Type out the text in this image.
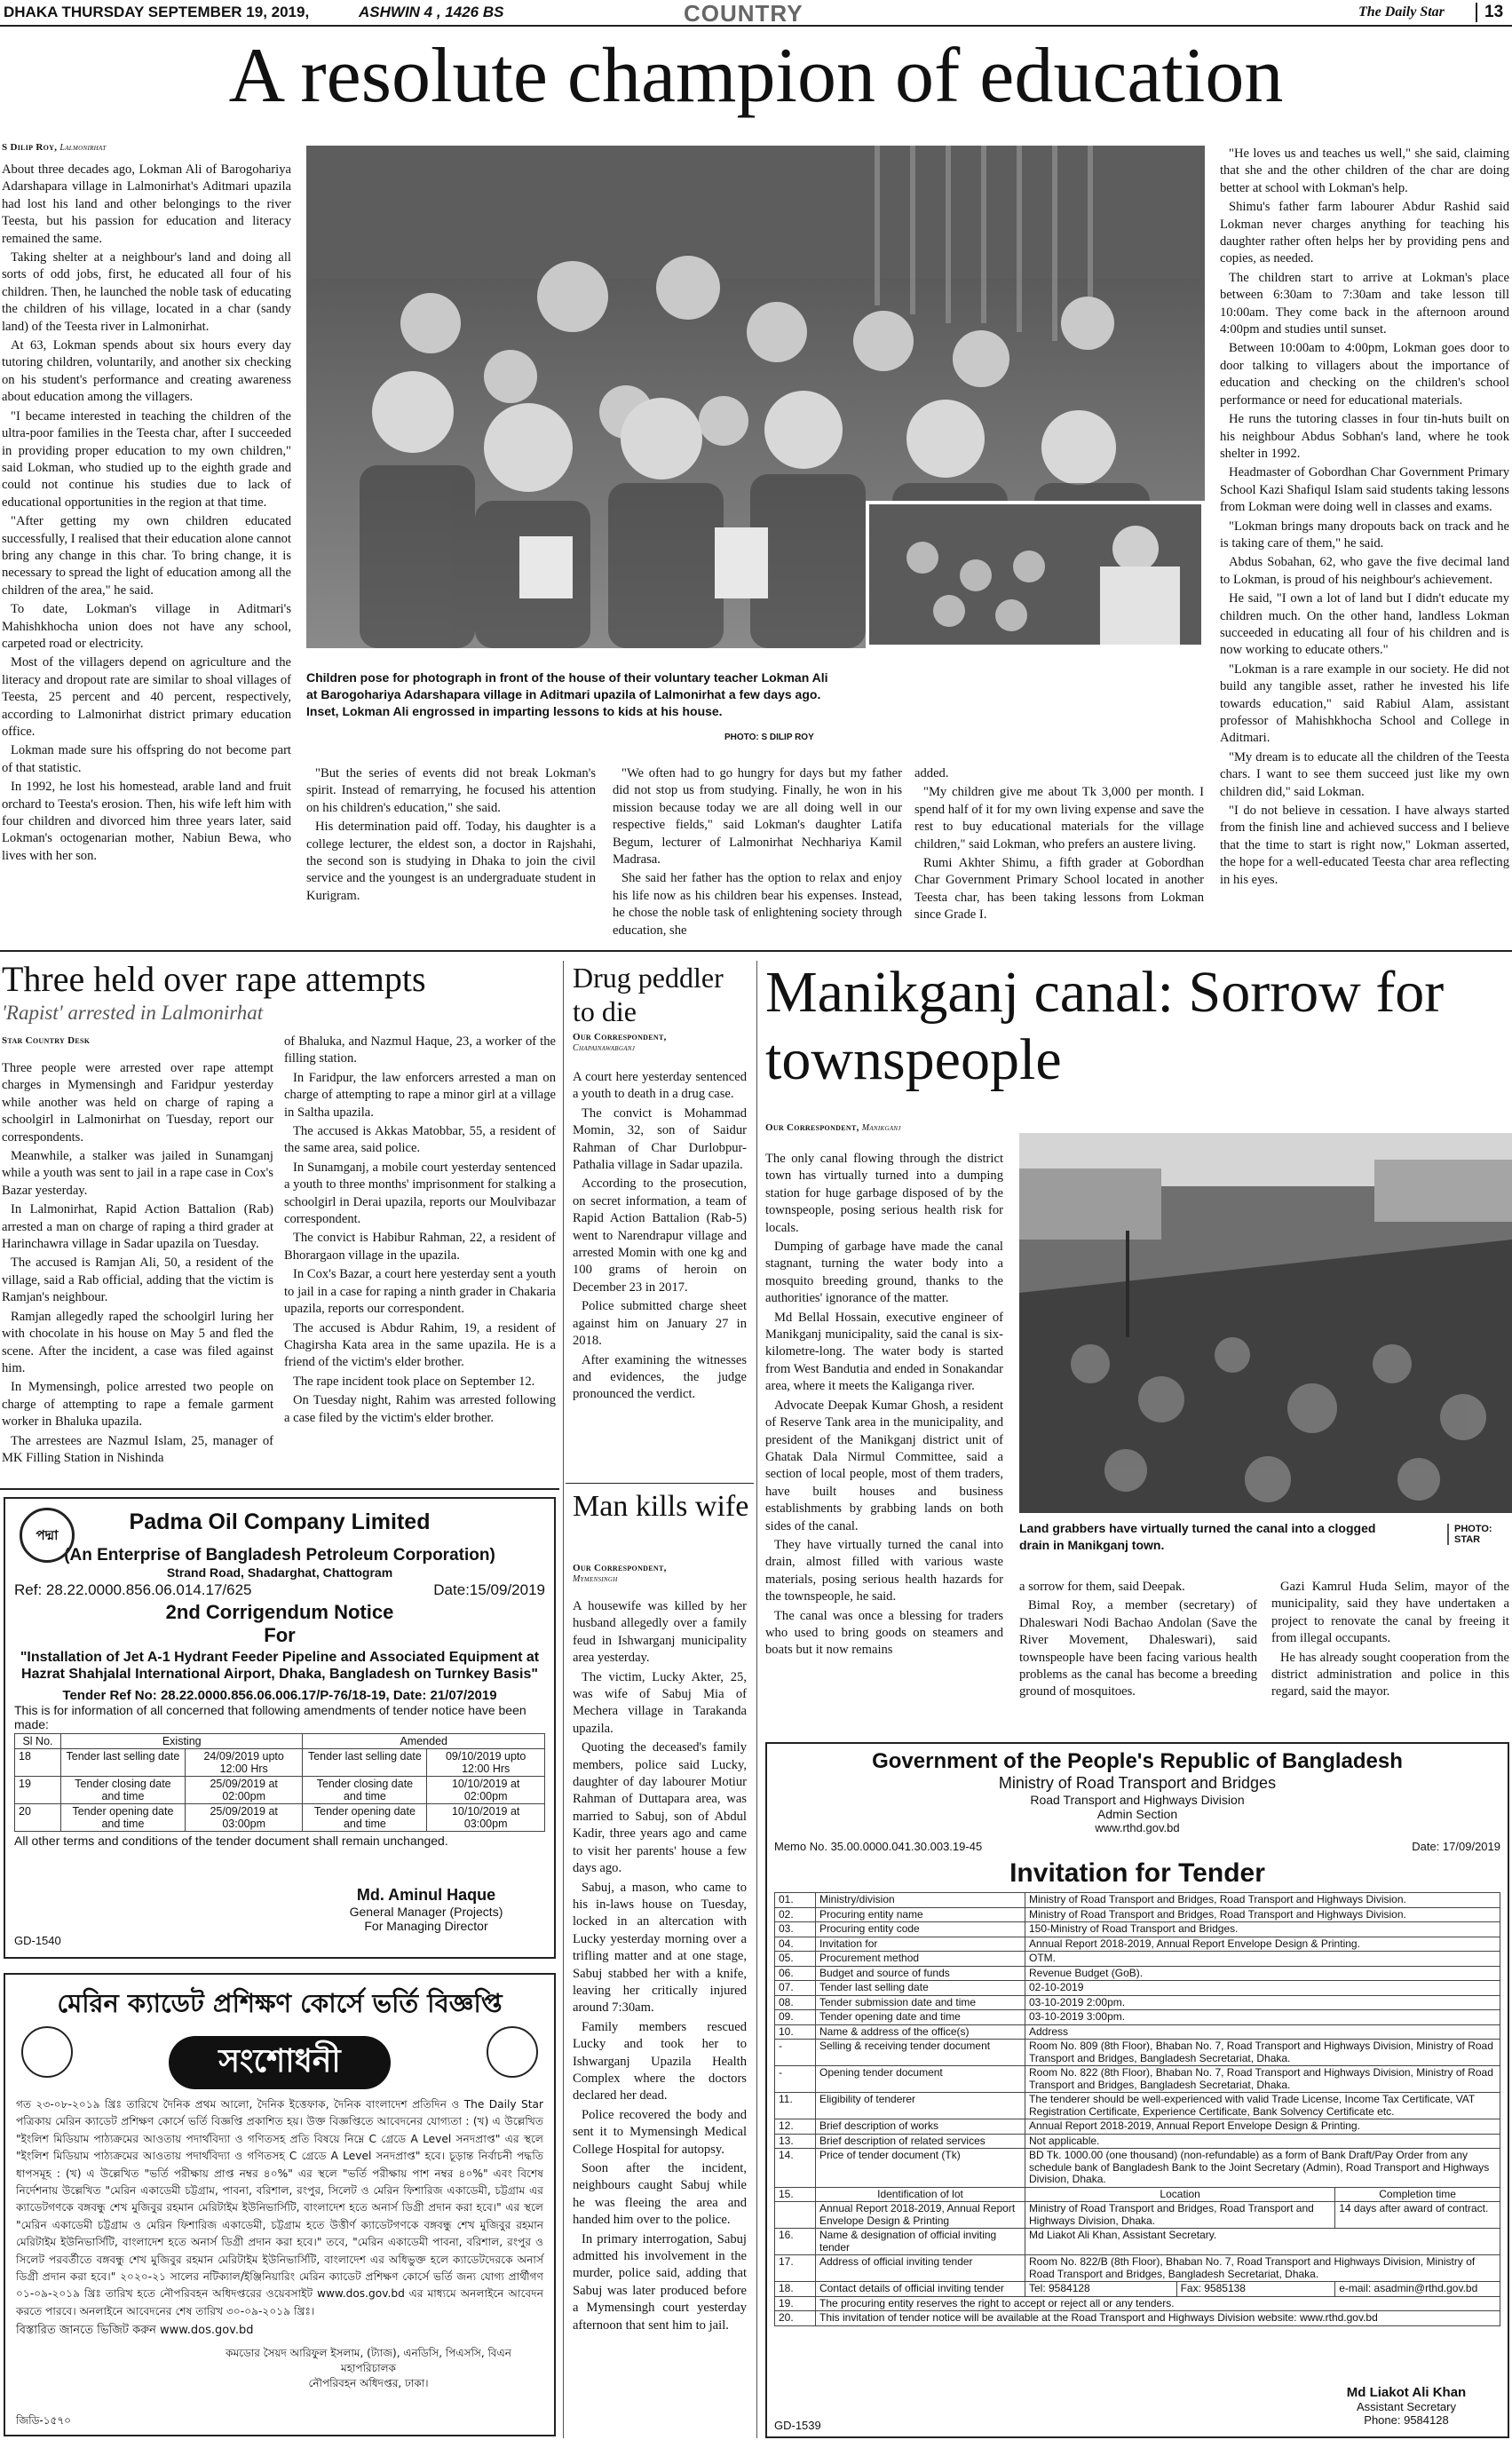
DHAKA THURSDAY SEPTEMBER 19, 2019,	ASHWIN 4 , 1426 BS	COUNTRY	The Daily Star	13
A resolute champion of education
S Dilip Roy, Lalmonirhat

About three decades ago, Lokman Ali of Barogohariya Adarshapara village in Lalmonirhat's Aditmari upazila had lost his land and other belongings to the river Teesta, but his passion for education and literacy remained the same.

Taking shelter at a neighbour's land and doing all sorts of odd jobs, first, he educated all four of his children. Then, he launched the noble task of educating the children of his village, located in a char (sandy land) of the Teesta river in Lalmonirhat.

At 63, Lokman spends about six hours every day tutoring children, voluntarily, and another six checking on his student's performance and creating awareness about education among the villagers.

"I became interested in teaching the children of the ultra-poor families in the Teesta char, after I succeeded in providing proper education to my own children," said Lokman, who studied up to the eighth grade and could not continue his studies due to lack of educational opportunities in the region at that time.

"After getting my own children educated successfully, I realised that their education alone cannot bring any change in this char. To bring change, it is necessary to spread the light of education among all the children of the area," he said.

To date, Lokman's village in Aditmari's Mahishkhocha union does not have any school, carpeted road or electricity.

Most of the villagers depend on agriculture and the literacy and dropout rate are similar to shoal villages of Teesta, 25 percent and 40 percent, respectively, according to Lalmonirhat district primary education office.

Lokman made sure his offspring do not become part of that statistic.

In 1992, he lost his homestead, arable land and fruit orchard to Teesta's erosion. Then, his wife left him with four children and divorced him three years later, said Lokman's octogenarian mother, Nabiun Bewa, who lives with her son.

Children pose for photograph in front of the house of their voluntary teacher Lokman Ali at Barogohariya Adarshapara village in Aditmari upazila of Lalmonirhat a few days ago. Inset, Lokman Ali engrossed in imparting lessons to kids at his house.
PHOTO: S DILIP ROY

"But the series of events did not break Lokman's spirit. Instead of remarrying, he focused his attention on his children's education," she said.

His determination paid off. Today, his daughter is a college lecturer, the eldest son, a doctor in Rajshahi, the second son is studying in Dhaka to join the civil service and the youngest is an undergraduate student in Kurigram.

"We often had to go hungry for days but my father did not stop us from studying. Finally, he won in his mission because today we are all doing well in our respective fields," said Lokman's daughter Latifa Begum, lecturer of Lalmonirhat Nechhariya Kamil Madrasa.

She said her father has the option to relax and enjoy his life now as his children bear his expenses. Instead, he chose the noble task of enlightening society through education, she

added.

"My children give me about Tk 3,000 per month. I spend half of it for my own living expense and save the rest to buy educational materials for the village children," said Lokman, who prefers an austere living.

Rumi Akhter Shimu, a fifth grader at Gobordhan Char Government Primary School located in another Teesta char, has been taking lessons from Lokman since Grade I.

"He loves us and teaches us well," she said, claiming that she and the other children of the char are doing better at school with Lokman's help.

Shimu's father farm labourer Abdur Rashid said Lokman never charges anything for teaching his daughter rather often helps her by providing pens and copies, as needed.

The children start to arrive at Lokman's place between 6:30am to 7:30am and take lesson till 10:00am. They come back in the afternoon around 4:00pm and studies until sunset.

Between 10:00am to 4:00pm, Lokman goes door to door talking to villagers about the importance of education and checking on the children's school performance or need for educational materials.

He runs the tutoring classes in four tin-huts built on his neighbour Abdus Sobhan's land, where he took shelter in 1992.

Headmaster of Gobordhan Char Government Primary School Kazi Shafiqul Islam said students taking lessons from Lokman were doing well in classes and exams.

"Lokman brings many dropouts back on track and he is taking care of them," he said.

Abdus Sobahan, 62, who gave the five decimal land to Lokman, is proud of his neighbour's achievement.

He said, "I own a lot of land but I didn't educate my children much. On the other hand, landless Lokman succeeded in educating all four of his children and is now working to educate others."

"Lokman is a rare example in our society. He did not build any tangible asset, rather he invested his life towards education," said Rabiul Alam, assistant professor of Mahishkhocha School and College in Aditmari.

"My dream is to educate all the children of the Teesta chars. I want to see them succeed just like my own children did," said Lokman.

"I do not believe in cessation. I have always started from the finish line and achieved success and I believe that the time to start is right now," Lokman asserted, the hope for a well-educated Teesta char area reflecting in his eyes.

Three held over rape attempts
'Rapist' arrested in Lalmonirhat
Star Country Desk

Three people were arrested over rape attempt charges in Mymensingh and Faridpur yesterday while another was held on charge of raping a schoolgirl in Lalmonirhat on Tuesday, report our correspondents.

Meanwhile, a stalker was jailed in Sunamganj while a youth was sent to jail in a rape case in Cox's Bazar yesterday.

In Lalmonirhat, Rapid Action Battalion (Rab) arrested a man on charge of raping a third grader at Harinchawra village in Sadar upazila on Tuesday.

The accused is Ramjan Ali, 50, a resident of the village, said a Rab official, adding that the victim is Ramjan's neighbour.

Ramjan allegedly raped the schoolgirl luring her with chocolate in his house on May 5 and fled the scene. After the incident, a case was filed against him.

In Mymensingh, police arrested two people on charge of attempting to rape a female garment worker in Bhaluka upazila.

The arrestees are Nazmul Islam, 25, manager of MK Filling Station in Nishinda

of Bhaluka, and Nazmul Haque, 23, a worker of the filling station.

In Faridpur, the law enforcers arrested a man on charge of attempting to rape a minor girl at a village in Saltha upazila.

The accused is Akkas Matobbar, 55, a resident of the same area, said police.

In Sunamganj, a mobile court yesterday sentenced a youth to three months' imprisonment for stalking a schoolgirl in Derai upazila, reports our Moulvibazar correspondent.

The convict is Habibur Rahman, 22, a resident of Bhorargaon village in the upazila.

In Cox's Bazar, a court here yesterday sent a youth to jail in a case for raping a ninth grader in Chakaria upazila, reports our correspondent.

The accused is Abdur Rahim, 19, a resident of Chagirsha Kata area in the same upazila. He is a friend of the victim's elder brother.

The rape incident took place on September 12.

On Tuesday night, Rahim was arrested following a case filed by the victim's elder brother.

Drug peddler to die
Our Correspondent,
Chapainawabganj

A court here yesterday sentenced a youth to death in a drug case.

The convict is Mohammad Momin, 32, son of Saidur Rahman of Char Durlobpur-Pathalia village in Sadar upazila.

According to the prosecution, on secret information, a team of Rapid Action Battalion (Rab-5) went to Narendrapur village and arrested Momin with one kg and 100 grams of heroin on December 23 in 2017.

Police submitted charge sheet against him on January 27 in 2018.

After examining the witnesses and evidences, the judge pronounced the verdict.

Man kills wife
Our Correspondent,
Mymensingh

A housewife was killed by her husband allegedly over a family feud in Ishwarganj municipality area yesterday.

The victim, Lucky Akter, 25, was wife of Sabuj Mia of Mechera village in Tarakanda upazila.

Quoting the deceased's family members, police said Lucky, daughter of day labourer Motiur Rahman of Duttapara area, was married to Sabuj, son of Abdul Kadir, three years ago and came to visit her parents' house a few days ago.

Sabuj, a mason, who came to his in-laws house on Tuesday, locked in an altercation with Lucky yesterday morning over a trifling matter and at one stage, Sabuj stabbed her with a knife, leaving her critically injured around 7:30am.

Family members rescued Lucky and took her to Ishwarganj Upazila Health Complex where the doctors declared her dead.

Police recovered the body and sent it to Mymensingh Medical College Hospital for autopsy.

Soon after the incident, neighbours caught Sabuj while he was fleeing the area and handed him over to the police.

In primary interrogation, Sabuj admitted his involvement in the murder, police said, adding that Sabuj was later produced before a Mymensingh court yesterday afternoon that sent him to jail.

Manikganj canal: Sorrow for townspeople
Our Correspondent, Manikganj

The only canal flowing through the district town has virtually turned into a dumping station for huge garbage disposed of by the townspeople, posing serious health risk for locals.

Dumping of garbage have made the canal stagnant, turning the water body into a mosquito breeding ground, thanks to the authorities' ignorance of the matter.

Md Bellal Hossain, executive engineer of Manikganj municipality, said the canal is six-kilometre-long. The water body is started from West Bandutia and ended in Sonakandar area, where it meets the Kaliganga river.

Advocate Deepak Kumar Ghosh, a resident of Reserve Tank area in the municipality, and president of the Manikganj district unit of Ghatak Dala Nirmul Committee, said a section of local people, most of them traders, have built houses and business establishments by grabbing lands on both sides of the canal.

They have virtually turned the canal into drain, almost filled with various waste materials, posing serious health hazards for the townspeople, he said.

The canal was once a blessing for traders who used to bring goods on steamers and boats but it now remains

Land grabbers have virtually turned the canal into a clogged drain in Manikganj town.
PHOTO: STAR

a sorrow for them, said Deepak.

Bimal Roy, a member (secretary) of Dhaleswari Nodi Bachao Andolan (Save the River Movement, Dhaleswari), said townspeople have been facing various health problems as the canal has become a breeding ground of mosquitoes.

Gazi Kamrul Huda Selim, mayor of the municipality, said they have undertaken a project to renovate the canal by freeing it from illegal occupants.

He has already sought cooperation from the district administration and police in this regard, said the mayor.

পদ্মা
Padma Oil Company Limited
(An Enterprise of Bangladesh Petroleum Corporation)
Strand Road, Shadarghat, Chattogram
Ref: 28.22.0000.856.06.014.17/625	Date:15/09/2019
2nd Corrigendum Notice
For
"Installation of Jet A-1 Hydrant Feeder Pipeline and Associated Equipment at Hazrat Shahjalal International Airport, Dhaka, Bangladesh on Turnkey Basis"
Tender Ref No: 28.22.0000.856.06.006.17/P-76/18-19, Date: 21/07/2019
This is for information of all concerned that following amendments of tender notice have been made:
Sl No.	Existing		Amended	
18	Tender last selling date	24/09/2019 upto 12:00 Hrs	Tender last selling date	09/10/2019 upto 12:00 Hrs
19	Tender closing date and time	25/09/2019 at 02:00pm	Tender closing date and time	10/10/2019 at 02:00pm
20	Tender opening date and time	25/09/2019 at 03:00pm	Tender opening date and time	10/10/2019 at 03:00pm
All other terms and conditions of the tender document shall remain unchanged.
Md. Aminul Haque
General Manager (Projects)
For Managing Director
GD-1540
মেরিন ক্যাডেট প্রশিক্ষণ কোর্সে ভর্তি বিজ্ঞপ্তি
সংশোধনী
গত ২৩-০৮-২০১৯ খ্রিঃ তারিখে দৈনিক প্রথম আলো, দৈনিক ইত্তেফাক, দৈনিক বাংলাদেশ প্রতিদিন ও The Daily Star পত্রিকায় মেরিন ক্যাডেট প্রশিক্ষণ কোর্সে ভর্তি বিজ্ঞপ্তি প্রকাশিত হয়। উক্ত বিজ্ঞপ্তিতে আবেদনের যোগ্যতা : (খ) এ উল্লেখিত "ইংলিশ মিডিয়াম পাঠ্যক্রমের আওতায় পদার্থবিদ্যা ও গণিতসহ প্রতি বিষয়ে নিম্নে C গ্রেডে A Level সনদপ্রাপ্ত" এর স্থলে "ইংলিশ মিডিয়াম পাঠ্যক্রমের আওতায় পদার্থবিদ্যা ও গণিতসহ C গ্রেডে A Level সনদপ্রাপ্ত" হবে। চূড়ান্ত নির্বাচনী পদ্ধতি ধাপসমূহ : (খ) এ উল্লেখিত "ভর্তি পরীক্ষায় প্রাপ্ত নম্বর ৪০%" এর স্থলে "ভর্তি পরীক্ষায় পাশ নম্বর ৪০%" এবং বিশেষ নির্দেশনায় উল্লেখিত "মেরিন একাডেমী চট্টগ্রাম, পাবনা, বরিশাল, রংপুর, সিলেট ও মেরিন ফিশারিজ একাডেমী, চট্টগ্রাম এর ক্যাডেটগণকে বঙ্গবন্ধু শেখ মুজিবুর রহমান মেরিটাইম ইউনিভার্সিটি, বাংলাদেশ হতে অনার্স ডিগ্রী প্রদান করা হবে।" এর স্থলে "মেরিন একাডেমী চট্টগ্রাম ও মেরিন ফিশারিজ একাডেমী, চট্টগ্রাম হতে উত্তীর্ণ ক্যাডেটগণকে বঙ্গবন্ধু শেখ মুজিবুর রহমান মেরিটাইম ইউনিভার্সিটি, বাংলাদেশ হতে অনার্স ডিগ্রী প্রদান করা হবে।" তবে, "মেরিন একাডেমী পাবনা, বরিশাল, রংপুর ও সিলেট পরবর্তীতে বঙ্গবন্ধু শেখ মুজিবুর রহমান মেরিটাইম ইউনিভার্সিটি, বাংলাদেশ এর অধিভুক্ত হলে ক্যাডেটদেরকে অনার্স ডিগ্রী প্রদান করা হবে।" ২০২০-২১ সালের নটিক্যাল/ইঞ্জিনিয়ারিং মেরিন ক্যাডেট প্রশিক্ষণ কোর্সে ভর্তি জন্য যোগ্য প্রার্থীগণ ০১-০৯-২০১৯ খ্রিঃ তারিখ হতে নৌপরিবহন অধিদপ্তরের ওয়েবসাইট www.dos.gov.bd এর মাধ্যমে অনলাইনে আবেদন করতে পারবে। অনলাইনে আবেদনের শেষ তারিখ ৩০-০৯-২০১৯ খ্রিঃ।
বিস্তারিত জানতে ভিজিট করুন www.dos.gov.bd
কমডোর সৈয়দ আরিফুল ইসলাম, (ট্যাজ), এনডিসি, পিএসসি, বিএন
মহাপরিচালক
নৌপরিবহন অধিদপ্তর, ঢাকা।
জিডি-১৫৭০
Government of the People's Republic of Bangladesh
Ministry of Road Transport and Bridges
Road Transport and Highways Division
Admin Section
www.rthd.gov.bd
Memo No. 35.00.0000.041.30.003.19-45	Date: 17/09/2019
Invitation for Tender
01.	Ministry/division	Ministry of Road Transport and Bridges, Road Transport and Highways Division.		
02.	Procuring entity name	Ministry of Road Transport and Bridges, Road Transport and Highways Division.		
03.	Procuring entity code	150-Ministry of Road Transport and Bridges.		
04.	Invitation for	Annual Report 2018-2019, Annual Report Envelope Design & Printing.		
05.	Procurement method	OTM.		
06.	Budget and source of funds	Revenue Budget (GoB).		
07.	Tender last selling date	02-10-2019		
08.	Tender submission date and time	03-10-2019 2:00pm.		
09.	Tender opening date and time	03-10-2019 3:00pm.		
10.	Name & address of the office(s)	Address		
-	Selling & receiving tender document	Room No. 809 (8th Floor), Bhaban No. 7, Road Transport and Highways Division, Ministry of Road Transport and Bridges, Bangladesh Secretariat, Dhaka.		
-	Opening tender document	Room No. 822 (8th Floor), Bhaban No. 7, Road Transport and Highways Division, Ministry of Road Transport and Bridges, Bangladesh Secretariat, Dhaka.		
11.	Eligibility of tenderer	The tenderer should be well-experienced with valid Trade License, Income Tax Certificate, VAT Registration Certificate, Experience Certificate, Bank Solvency Certificate etc.		
12.	Brief description of works	Annual Report 2018-2019, Annual Report Envelope Design & Printing.		
13.	Brief description of related services	Not applicable.		
14.	Price of tender document (Tk)	BD Tk. 1000.00 (one thousand) (non-refundable) as a form of Bank Draft/Pay Order from any schedule bank of Bangladesh Bank to the Joint Secretary (Admin), Road Transport and Highways Division, Dhaka.		
15.	Identification of lot	Location		Completion time
	Annual Report 2018-2019, Annual Report Envelope Design & Printing	Ministry of Road Transport and Bridges, Road Transport and Highways Division, Dhaka.		14 days after award of contract.
16.	Name & designation of official inviting tender	Md Liakot Ali Khan, Assistant Secretary.		
17.	Address of official inviting tender	Room No. 822/B (8th Floor), Bhaban No. 7, Road Transport and Highways Division, Ministry of Road Transport and Bridges, Bangladesh Secretariat, Dhaka.		
18.	Contact details of official inviting tender	Tel: 9584128	Fax: 9585138	e-mail: asadmin@rthd.gov.bd
19.	The procuring entity reserves the right to accept or reject all or any tenders.			
20.	This invitation of tender notice will be available at the Road Transport and Highways Division website: www.rthd.gov.bd			
GD-1539
Md Liakot Ali Khan
Assistant Secretary
Phone: 9584128
